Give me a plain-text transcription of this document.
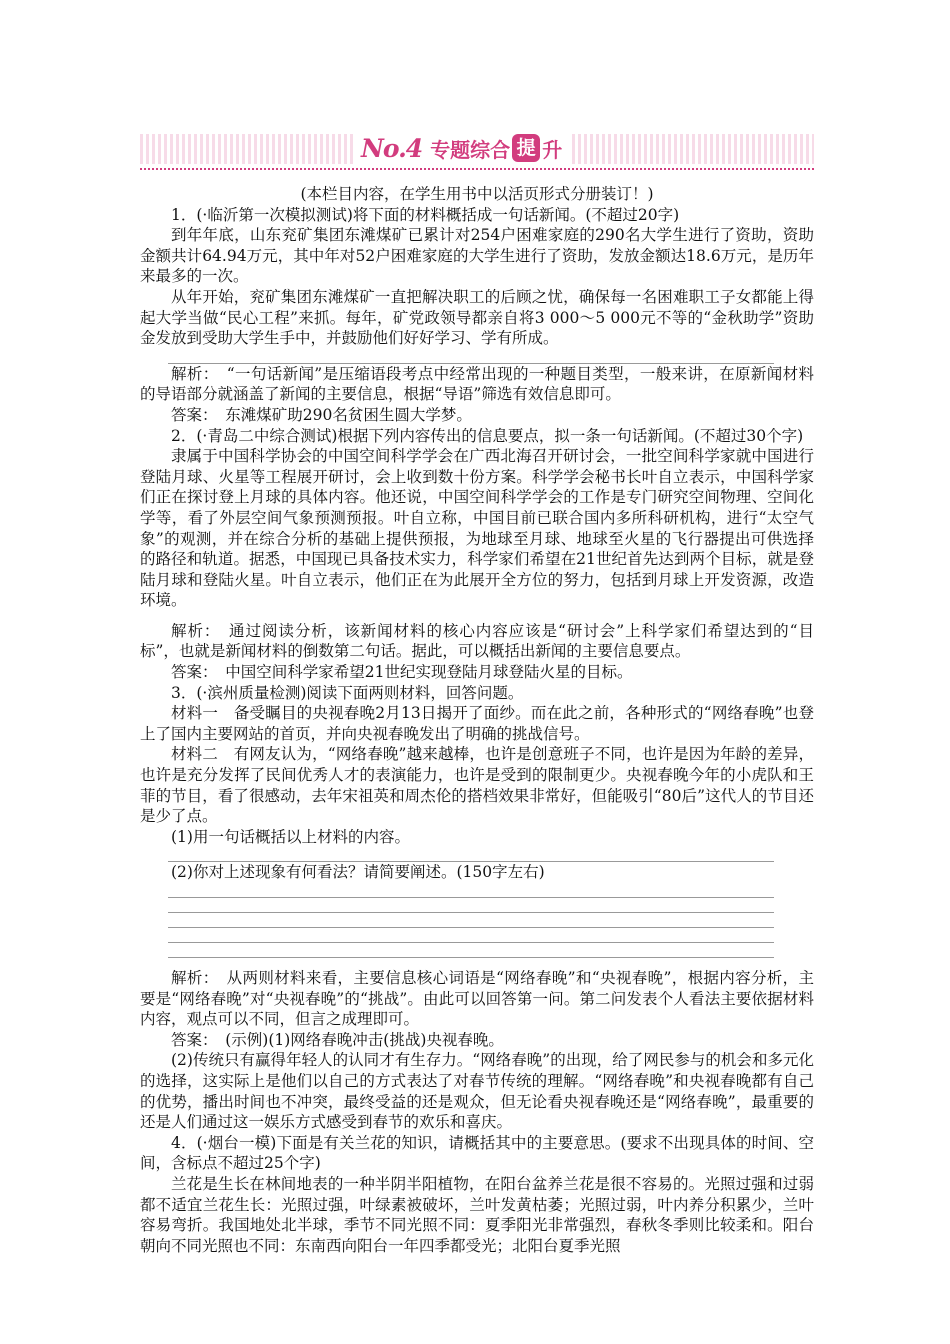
No.4 专题综合 提 升

(本栏目内容，在学生用书中以活页形式分册装订！)

1．(·临沂第一次模拟测试)将下面的材料概括成一句话新闻。(不超过20字)

到年年底，山东兖矿集团东滩煤矿已累计对254户困难家庭的290名大学生进行了资助，资助金额共计64.94万元，其中年对52户困难家庭的大学生进行了资助，发放金额达18.6万元，是历年来最多的一次。

从年开始，兖矿集团东滩煤矿一直把解决职工的后顾之忧，确保每一名困难职工子女都能上得起大学当做“民心工程”来抓。每年，矿党政领导都亲自将3 000～5 000元不等的“金秋助学”资助金发放到受助大学生手中，并鼓励他们好好学习、学有所成。

解析：　“一句话新闻”是压缩语段考点中经常出现的一种题目类型，一般来讲，在原新闻材料的导语部分就涵盖了新闻的主要信息，根据“导语”筛选有效信息即可。

答案：　东滩煤矿助290名贫困生圆大学梦。

2．(·青岛二中综合测试)根据下列内容传出的信息要点，拟一条一句话新闻。(不超过30个字)

隶属于中国科学协会的中国空间科学学会在广西北海召开研讨会，一批空间科学家就中国进行登陆月球、火星等工程展开研讨，会上收到数十份方案。科学学会秘书长叶自立表示，中国科学家们正在探讨登上月球的具体内容。他还说，中国空间科学学会的工作是专门研究空间物理、空间化学等，看了外层空间气象预测预报。叶自立称，中国目前已联合国内多所科研机构，进行“太空气象”的观测，并在综合分析的基础上提供预报，为地球至月球、地球至火星的飞行器提出可供选择的路径和轨道。据悉，中国现已具备技术实力，科学家们希望在21世纪首先达到两个目标，就是登陆月球和登陆火星。叶自立表示，他们正在为此展开全方位的努力，包括到月球上开发资源，改造环境。

解析：　通过阅读分析，该新闻材料的核心内容应该是“研讨会”上科学家们希望达到的“目标”，也就是新闻材料的倒数第二句话。据此，可以概括出新闻的主要信息要点。

答案：　中国空间科学家希望21世纪实现登陆月球登陆火星的目标。

3．(·滨州质量检测)阅读下面两则材料，回答问题。

材料一　备受瞩目的央视春晚2月13日揭开了面纱。而在此之前，各种形式的“网络春晚”也登上了国内主要网站的首页，并向央视春晚发出了明确的挑战信号。

材料二　有网友认为，“网络春晚”越来越棒，也许是创意班子不同，也许是因为年龄的差异，也许是充分发挥了民间优秀人才的表演能力，也许是受到的限制更少。央视春晚今年的小虎队和王菲的节目，看了很感动，去年宋祖英和周杰伦的搭档效果非常好，但能吸引“80后”这代人的节目还是少了点。

(1)用一句话概括以上材料的内容。

(2)你对上述现象有何看法？请简要阐述。(150字左右)

解析：　从两则材料来看，主要信息核心词语是“网络春晚”和“央视春晚”，根据内容分析，主要是“网络春晚”对“央视春晚”的“挑战”。由此可以回答第一问。第二问发表个人看法主要依据材料内容，观点可以不同，但言之成理即可。

答案：　(示例)(1)网络春晚冲击(挑战)央视春晚。

(2)传统只有赢得年轻人的认同才有生存力。“网络春晚”的出现，给了网民参与的机会和多元化的选择，这实际上是他们以自己的方式表达了对春节传统的理解。“网络春晚”和央视春晚都有自己的优势，播出时间也不冲突，最终受益的还是观众，但无论看央视春晚还是“网络春晚”，最重要的还是人们通过这一娱乐方式感受到春节的欢乐和喜庆。

4．(·烟台一模)下面是有关兰花的知识，请概括其中的主要意思。(要求不出现具体的时间、空间，含标点不超过25个字)

兰花是生长在林间地表的一种半阴半阳植物，在阳台盆养兰花是很不容易的。光照过强和过弱都不适宜兰花生长：光照过强，叶绿素被破坏，兰叶发黄枯萎；光照过弱，叶内养分积累少，兰叶容易弯折。我国地处北半球，季节不同光照不同：夏季阳光非常强烈，春秋冬季则比较柔和。阳台朝向不同光照也不同：东南西向阳台一年四季都受光；北阳台夏季光照
